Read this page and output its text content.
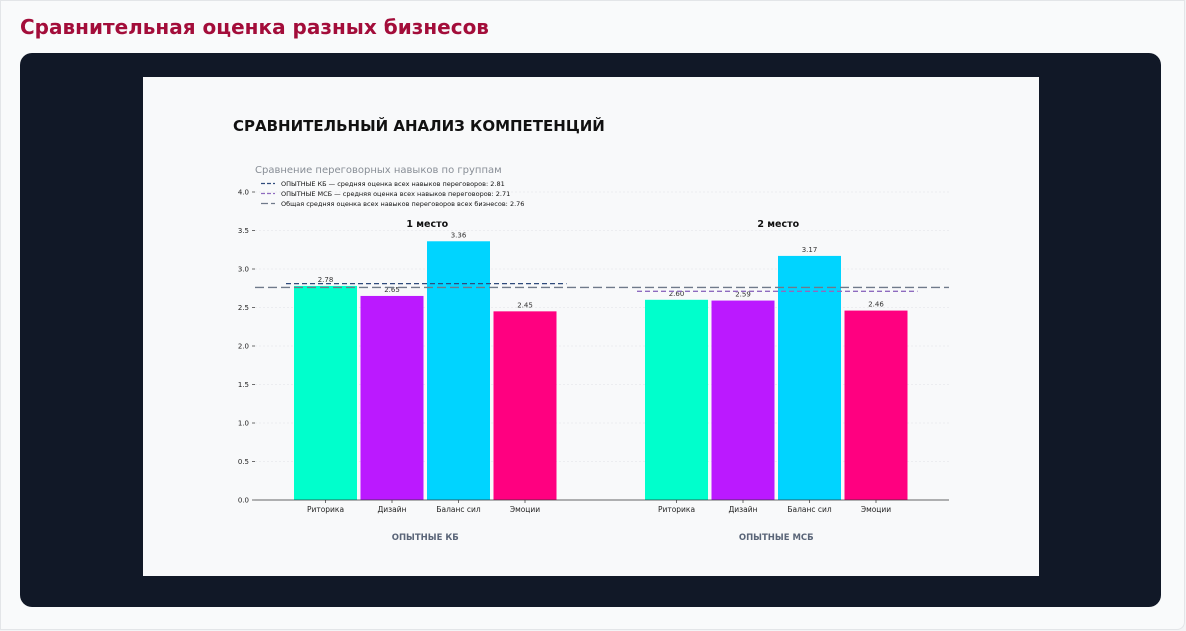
Сравнительная оценка разных бизнесов
СРАВНИТЕЛЬНЫЙ АНАЛИЗ КОМПЕТЕНЦИЙ
Сравнение переговорных навыков по группам
0.0
0.5
1.0
1.5
2.0
2.5
3.0
3.5
4.0
2.78
2.65
3.36
2.45
1 место
2.60	2.59
3.17
2.46
2 место
ОПЫТНЫЕ КБ — средняя оценка всех навыков переговоров: 2.81
ОПЫТНЫЕ МСБ — средняя оценка всех навыков переговоров: 2.71
Общая средняя оценка всех навыков переговоров всех бизнесов: 2.76
Риторика	Дизайн	Баланс сил	Эмоции
ОПЫТНЫЕ КБ
Риторика	Дизайн	Баланс сил	Эмоции
ОПЫТНЫЕ МСБ
